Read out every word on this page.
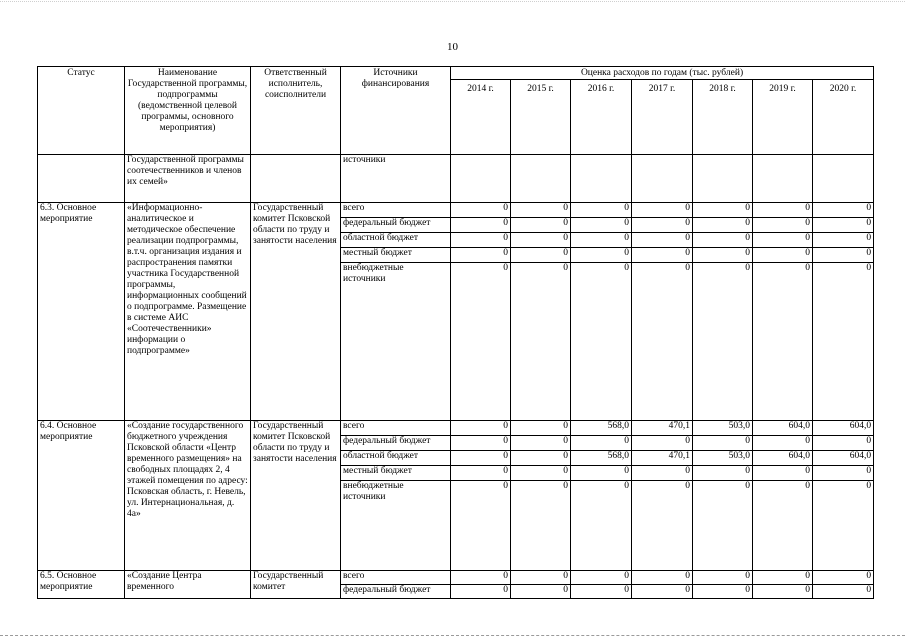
10
Статус	Наименование Государственной программы, подпрограммы (ведомственной целевой программы, основного мероприятия)	Ответственный исполнитель, соисполнители	Источники финансирования	Оценка расходов по годам (тыс. рублей)						
				2014 г.	2015 г.	2016 г.	2017 г.	2018 г.	2019 г.	2020 г.
	Государственной программы соотечественников и членов их семей»		источники							
6.3. Основное мероприятие	«Информационно-аналитическое и методическое обеспечение реализации подпрограммы, в.т.ч. организация издания и распространения памятки участника Государственной программы, информационных сообщений о подпрограмме. Размещение в системе АИС «Соотечественники» информации о подпрограмме»	Государственный комитет Псковской области по труду и занятости населения	всего	0	0	0	0	0	0	0
			федеральный бюджет	0	0	0	0	0	0	0
			областной бюджет	0	0	0	0	0	0	0
			местный бюджет	0	0	0	0	0	0	0
			внебюджетные источники	0	0	0	0	0	0	0
6.4. Основное мероприятие	«Создание государственного бюджетного учреждения Псковской области «Центр временного размещения» на свободных площадях 2, 4 этажей помещения по адресу: Псковская область, г. Невель, ул. Интернациональная, д. 4а»	Государственный комитет Псковской области по труду и занятости населения	всего	0	0	568,0	470,1	503,0	604,0	604,0
			федеральный бюджет	0	0	0	0	0	0	0
			областной бюджет	0	0	568,0	470,1	503,0	604,0	604,0
			местный бюджет	0	0	0	0	0	0	0
			внебюджетные источники	0	0	0	0	0	0	0
6.5. Основное мероприятие	«Создание Центра временного	Государственный комитет	всего	0	0	0	0	0	0	0
			федеральный бюджет	0	0	0	0	0	0	0
